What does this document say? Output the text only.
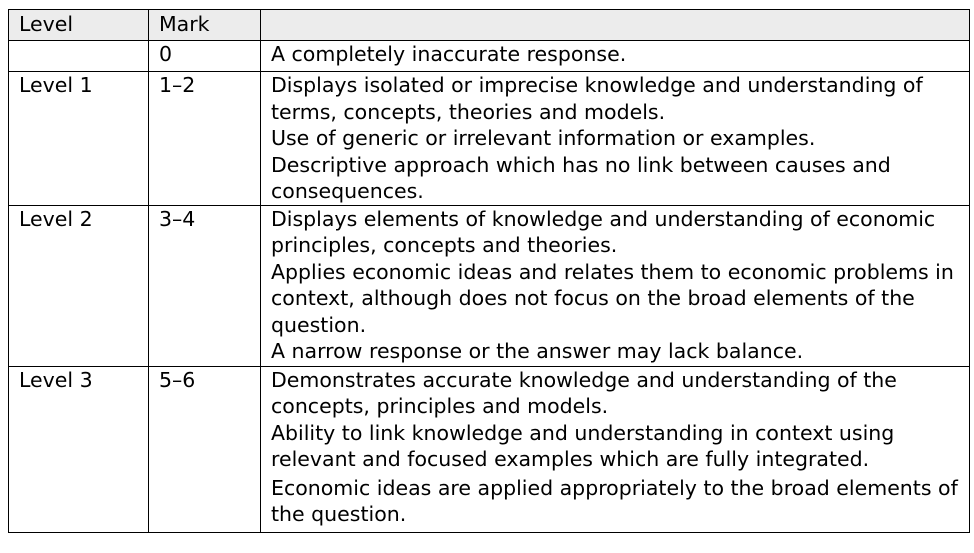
Level	Mark	
	0	A completely inaccurate response.

Level 1	1–2	Displays isolated or imprecise knowledge and understanding of terms, concepts, theories and models.
Use of generic or irrelevant information or examples.
Descriptive approach which has no link between causes and consequences.

Level 2	3–4	Displays elements of knowledge and understanding of economic principles, concepts and theories.
Applies economic ideas and relates them to economic problems in context, although does not focus on the broad elements of the question.
A narrow response or the answer may lack balance.

Level 3	5–6	Demonstrates accurate knowledge and understanding of the concepts, principles and models.
Ability to link knowledge and understanding in context using relevant and focused examples which are fully integrated.
Economic ideas are applied appropriately to the broad elements of the question.
